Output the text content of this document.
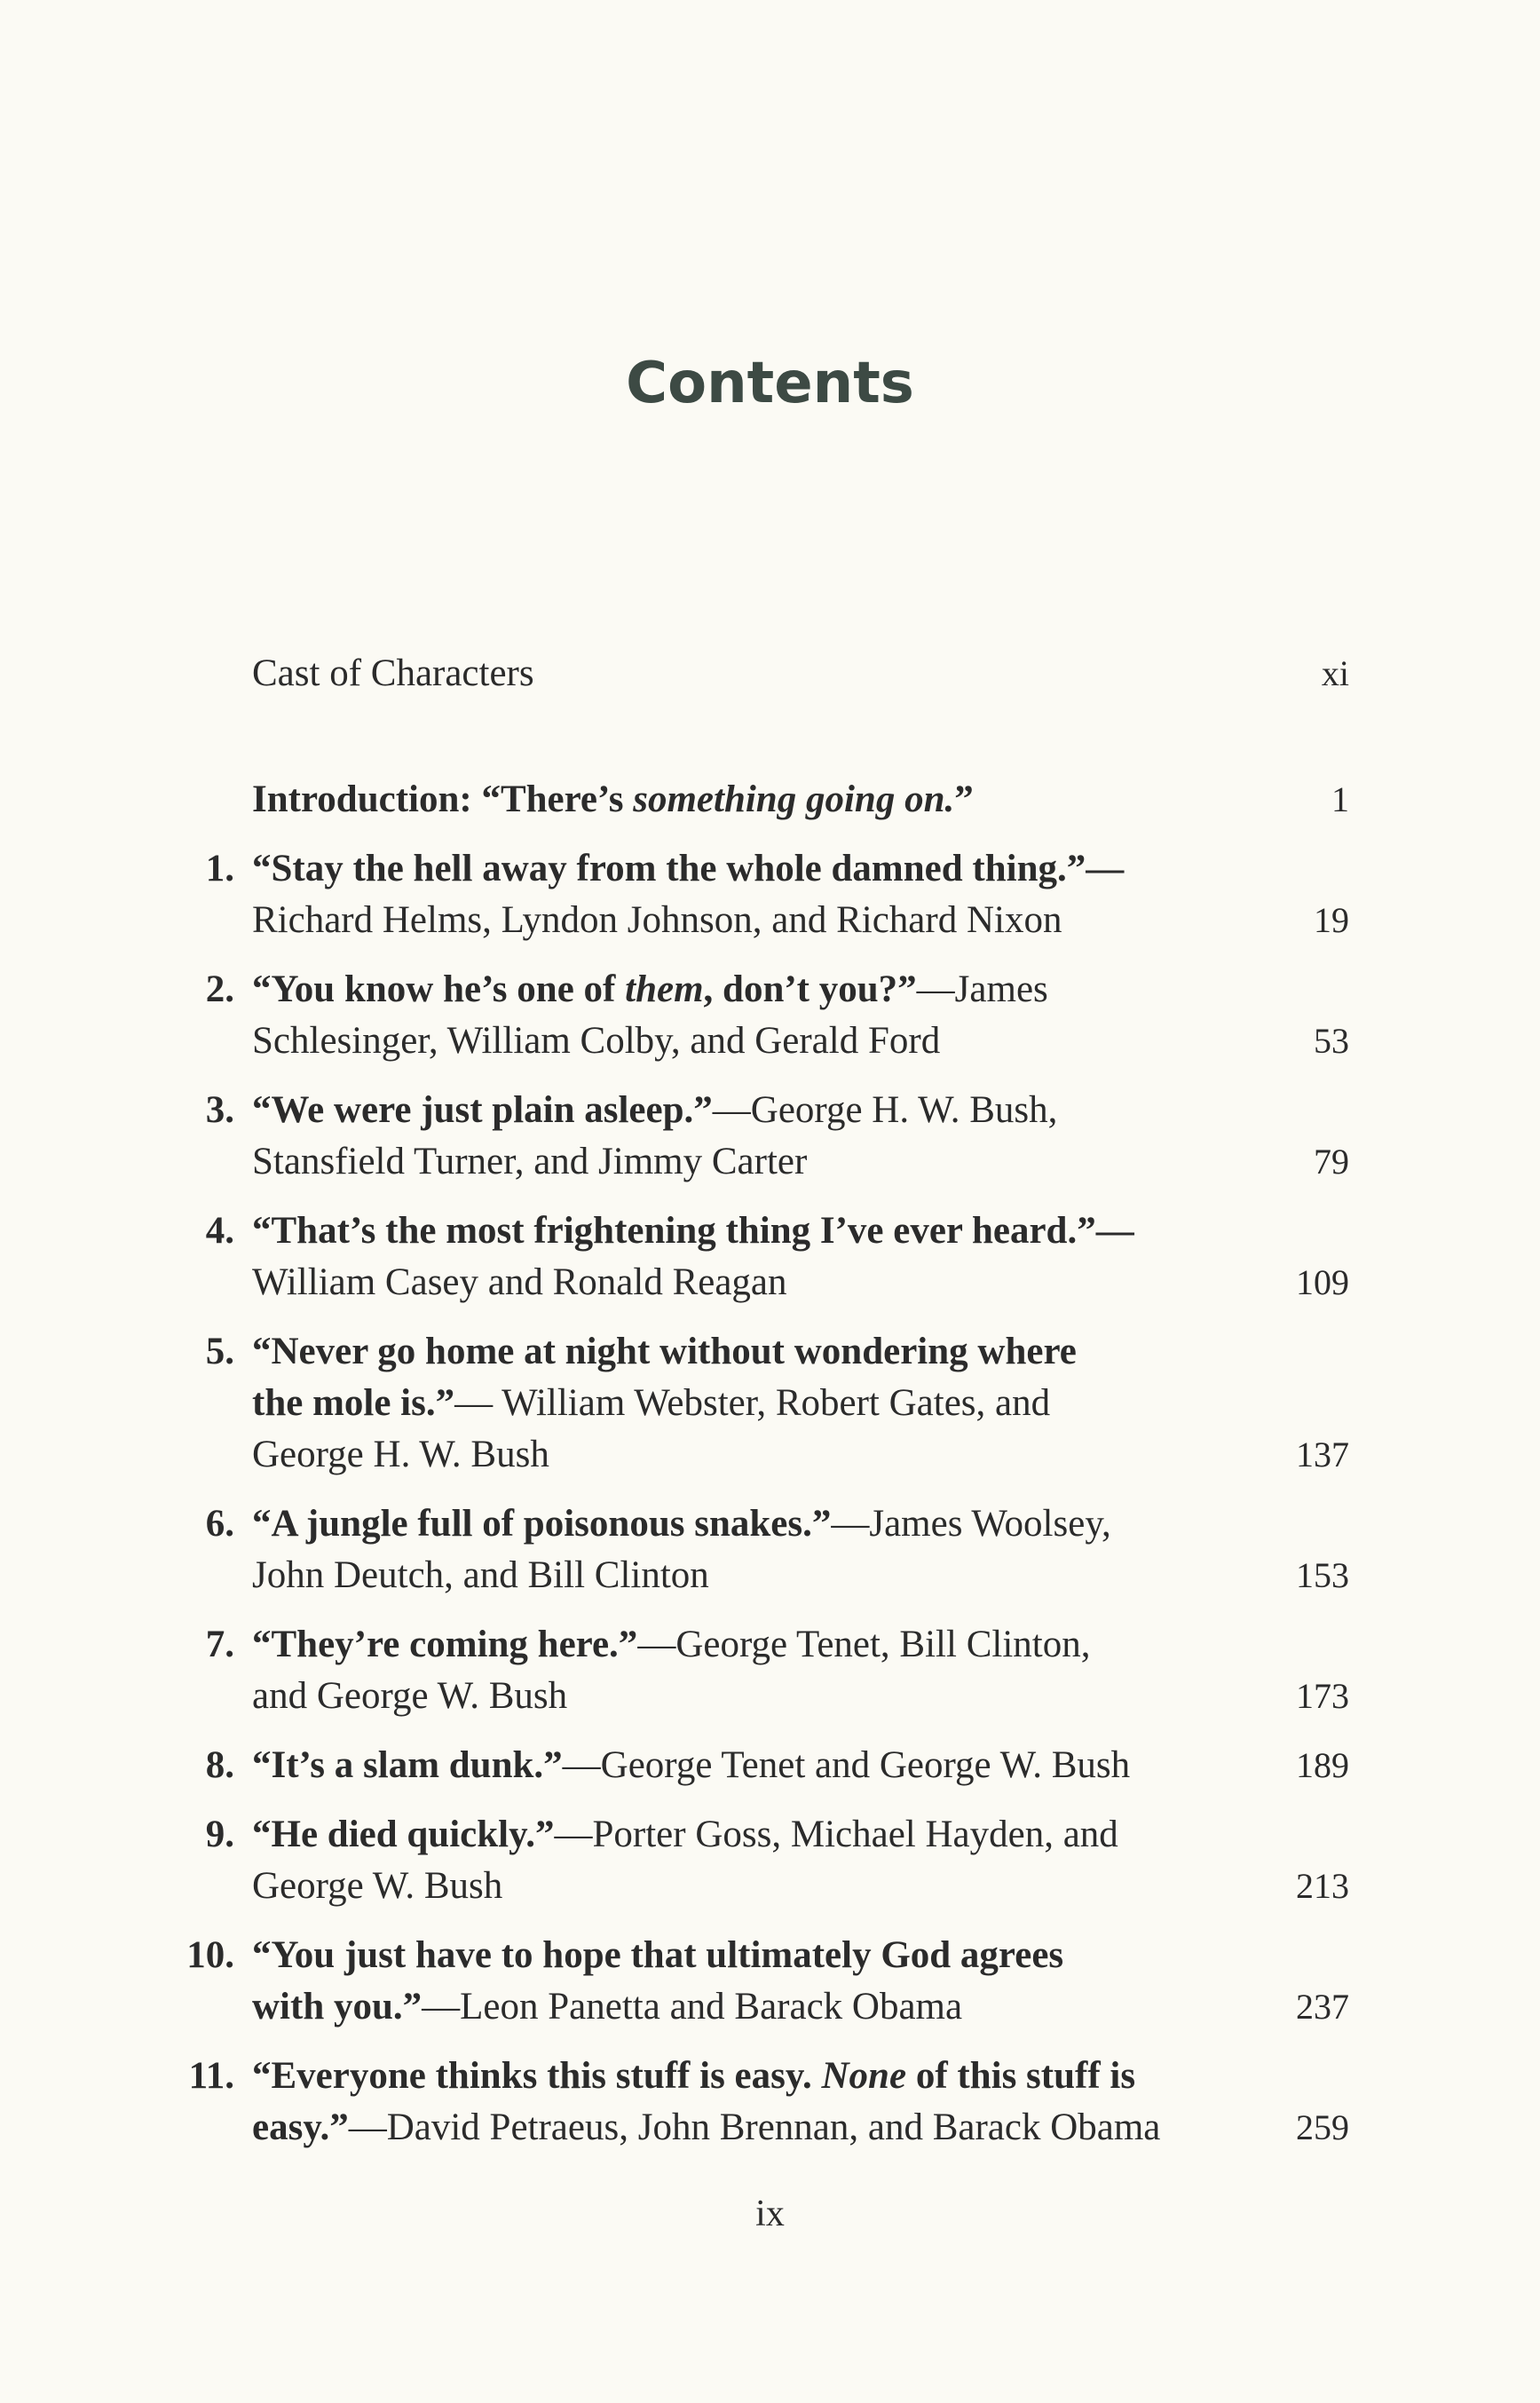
Contents
Cast of Characters	xi
Introduction: “There’s something going on.”	1
1. “Stay the hell away from the whole damned thing.”—
Richard Helms, Lyndon Johnson, and Richard Nixon	19
2. “You know he’s one of them, don’t you?”—James
Schlesinger, William Colby, and Gerald Ford	53
3. “We were just plain asleep.”—George H. W. Bush,
Stansfield Turner, and Jimmy Carter	79
4. “That’s the most frightening thing I’ve ever heard.”—
William Casey and Ronald Reagan	109
5. “Never go home at night without wondering where
the mole is.”— William Webster, Robert Gates, and
George H. W. Bush	137
6. “A jungle full of poisonous snakes.”—James Woolsey,
John Deutch, and Bill Clinton	153
7. “They’re coming here.”—George Tenet, Bill Clinton,
and George W. Bush	173
8. “It’s a slam dunk.”—George Tenet and George W. Bush	189
9. “He died quickly.”—Porter Goss, Michael Hayden, and
George W. Bush	213
10. “You just have to hope that ultimately God agrees
with you.”—Leon Panetta and Barack Obama	237
11. “Everyone thinks this stuff is easy. None of this stuff is
easy.”—David Petraeus, John Brennan, and Barack Obama	259
ix
